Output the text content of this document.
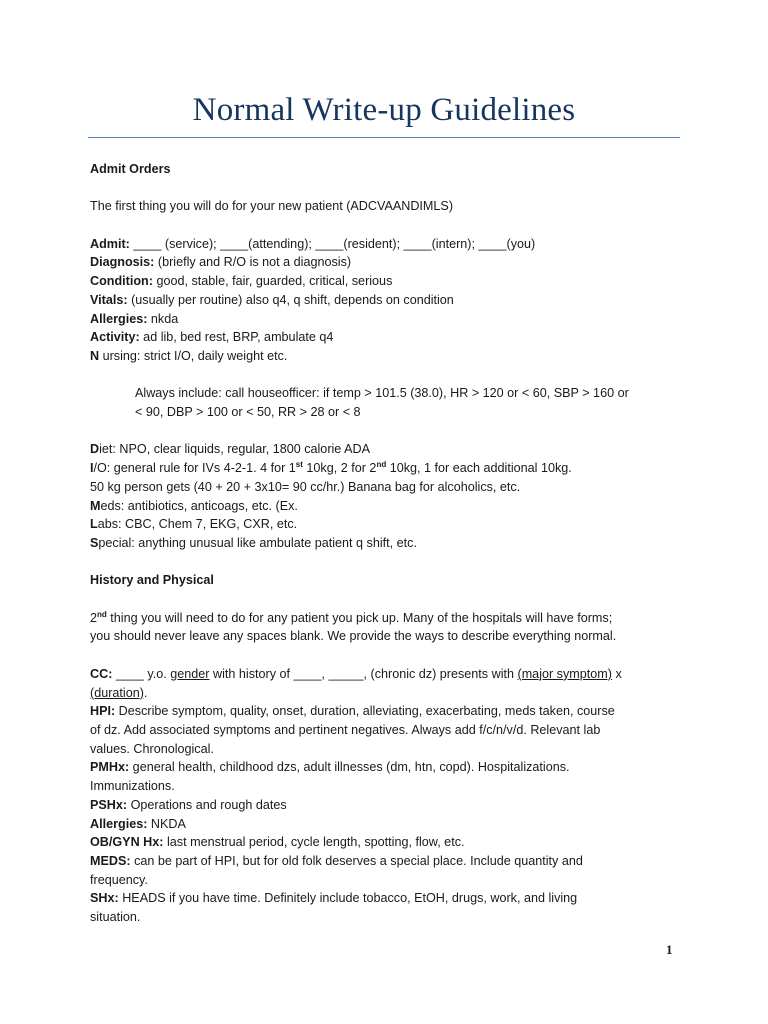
Normal Write-up Guidelines

Admit Orders

The first thing you will do for your new patient (ADCVAANDIMLS)

Admit: ____ (service); ____(attending); ____(resident); ____(intern); ____(you)

Diagnosis: (briefly and R/O is not a diagnosis)

Condition: good, stable, fair, guarded, critical, serious

Vitals: (usually per routine) also q4, q shift, depends on condition

Allergies: nkda

Activity: ad lib, bed rest, BRP, ambulate q4

N ursing: strict I/O, daily weight etc.

Always include: call houseofficer: if temp > 101.5 (38.0), HR > 120 or < 60, SBP > 160 or

< 90, DBP > 100 or < 50, RR > 28 or < 8

Diet: NPO, clear liquids, regular, 1800 calorie ADA

I/O: general rule for IVs 4-2-1. 4 for 1st 10kg, 2 for 2nd 10kg, 1 for each additional 10kg.

50 kg person gets (40 + 20 + 3x10= 90 cc/hr.) Banana bag for alcoholics, etc.

Meds: antibiotics, anticoags, etc. (Ex.

Labs: CBC, Chem 7, EKG, CXR, etc.

Special: anything unusual like ambulate patient q shift, etc.

History and Physical

2nd thing you will need to do for any patient you pick up. Many of the hospitals will have forms;

you should never leave any spaces blank. We provide the ways to describe everything normal.

CC: ____ y.o. gender with history of ____, _____, (chronic dz) presents with (major symptom) x

(duration).

HPI: Describe symptom, quality, onset, duration, alleviating, exacerbating, meds taken, course

of dz. Add associated symptoms and pertinent negatives. Always add f/c/n/v/d. Relevant lab

values. Chronological.

PMHx: general health, childhood dzs, adult illnesses (dm, htn, copd). Hospitalizations.

Immunizations.

PSHx: Operations and rough dates

Allergies: NKDA

OB/GYN Hx: last menstrual period, cycle length, spotting, flow, etc.

MEDS: can be part of HPI, but for old folk deserves a special place. Include quantity and

frequency.

SHx: HEADS if you have time. Definitely include tobacco, EtOH, drugs, work, and living

situation.

1
